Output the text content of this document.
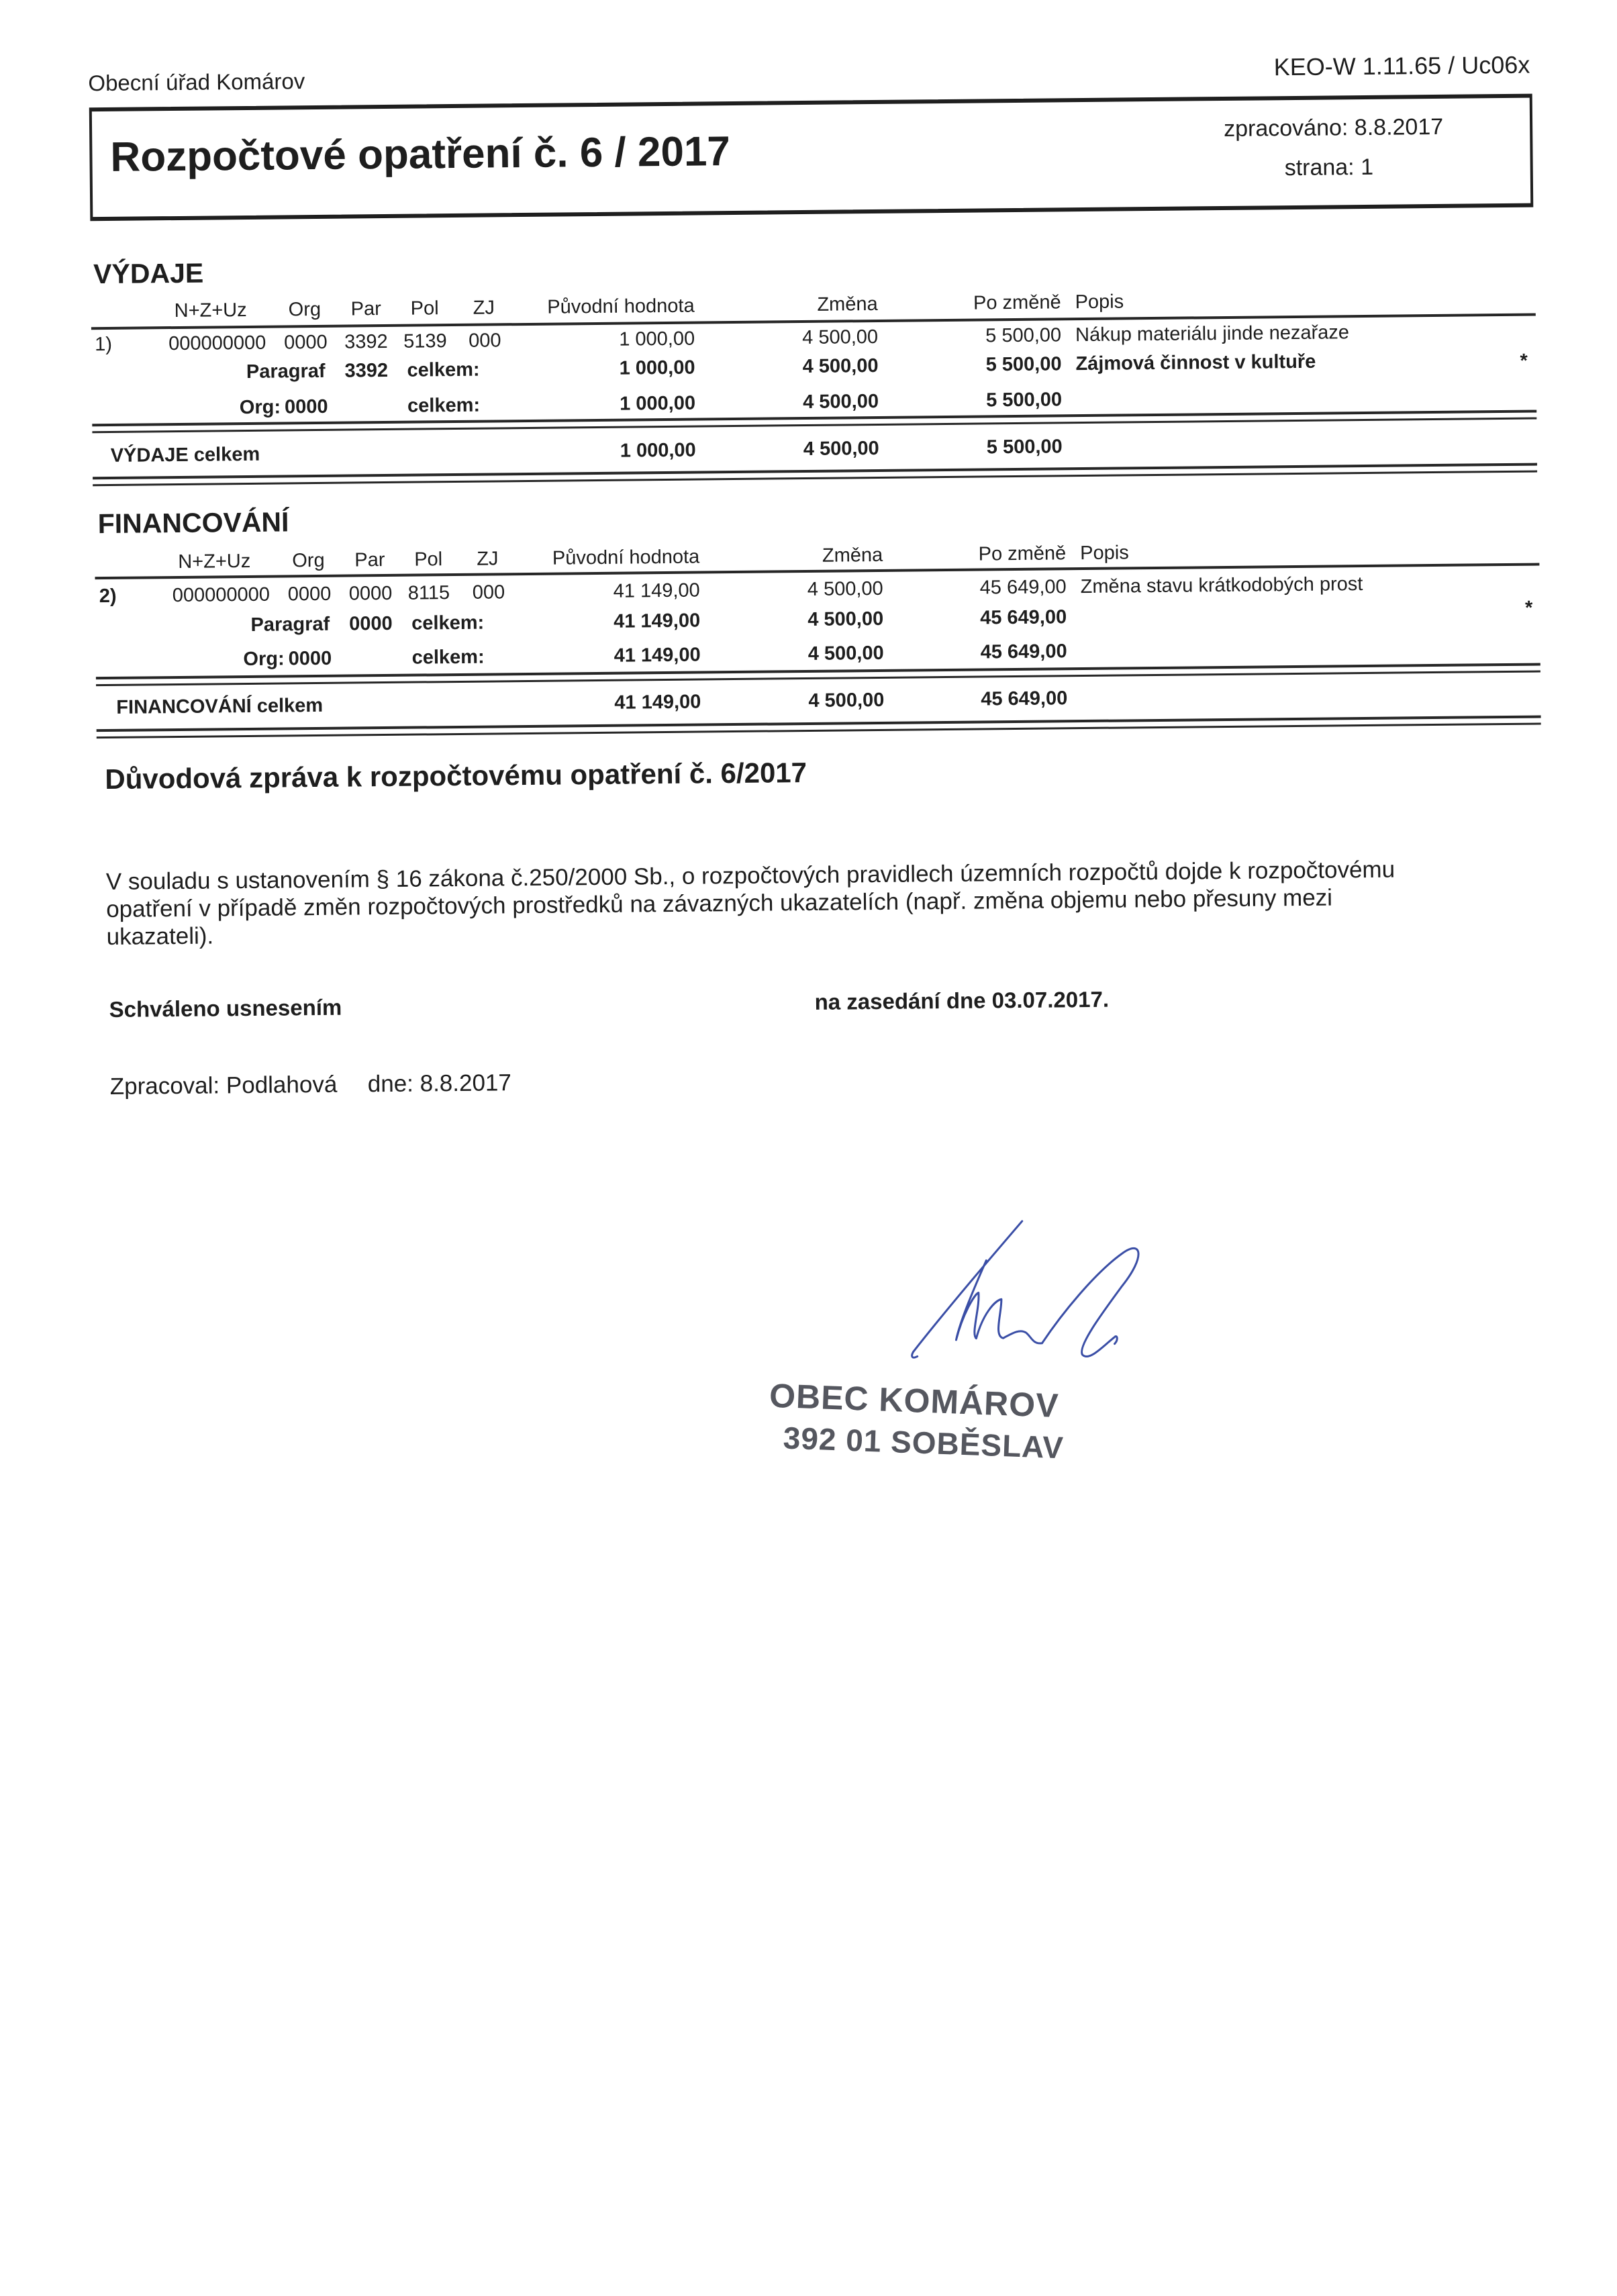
Obecní úřad Komárov
KEO-W 1.11.65 / Uc06x
Rozpočtové opatření č. 6 / 2017	zpracováno: 8.8.2017
strana: 1
VÝDAJE
N+Z+Uz Org Par Pol ZJ	Původní hodnota	Změna	Po změně Popis
1)	000000000 0000 3392 5139 000	1 000,00	4 500,00	5 500,00 Nákup materiálu jinde nezařaze
Paragraf 3392 celkem:	1 000,00	4 500,00	5 500,00 Zájmová činnost v kultuře	*
Org: 0000	celkem:	1 000,00	4 500,00	5 500,00
VÝDAJE celkem	1 000,00	4 500,00	5 500,00
FINANCOVÁNÍ
N+Z+Uz Org Par Pol ZJ	Původní hodnota	Změna	Po změně Popis
2)	000000000 0000 0000 8115 000	41 149,00	4 500,00	45 649,00 Změna stavu krátkodobých prost
Paragraf 0000 celkem:	41 149,00	4 500,00	45 649,00	*
Org: 0000	celkem:	41 149,00	4 500,00	45 649,00
FINANCOVÁNÍ celkem	41 149,00	4 500,00	45 649,00
Důvodová zpráva k rozpočtovému opatření č. 6/2017
V souladu s ustanovením § 16 zákona č.250/2000 Sb., o rozpočtových pravidlech územních rozpočtů dojde k rozpočtovému
opatření v případě změn rozpočtových prostředků na závazných ukazatelích (např. změna objemu nebo přesuny mezi
ukazateli).
Schváleno usnesením	na zasedání dne 03.07.2017.
Zpracoval: Podlahová dne: 8.8.2017
OBEC KOMÁROV
392 01 SOBĚSLAV
